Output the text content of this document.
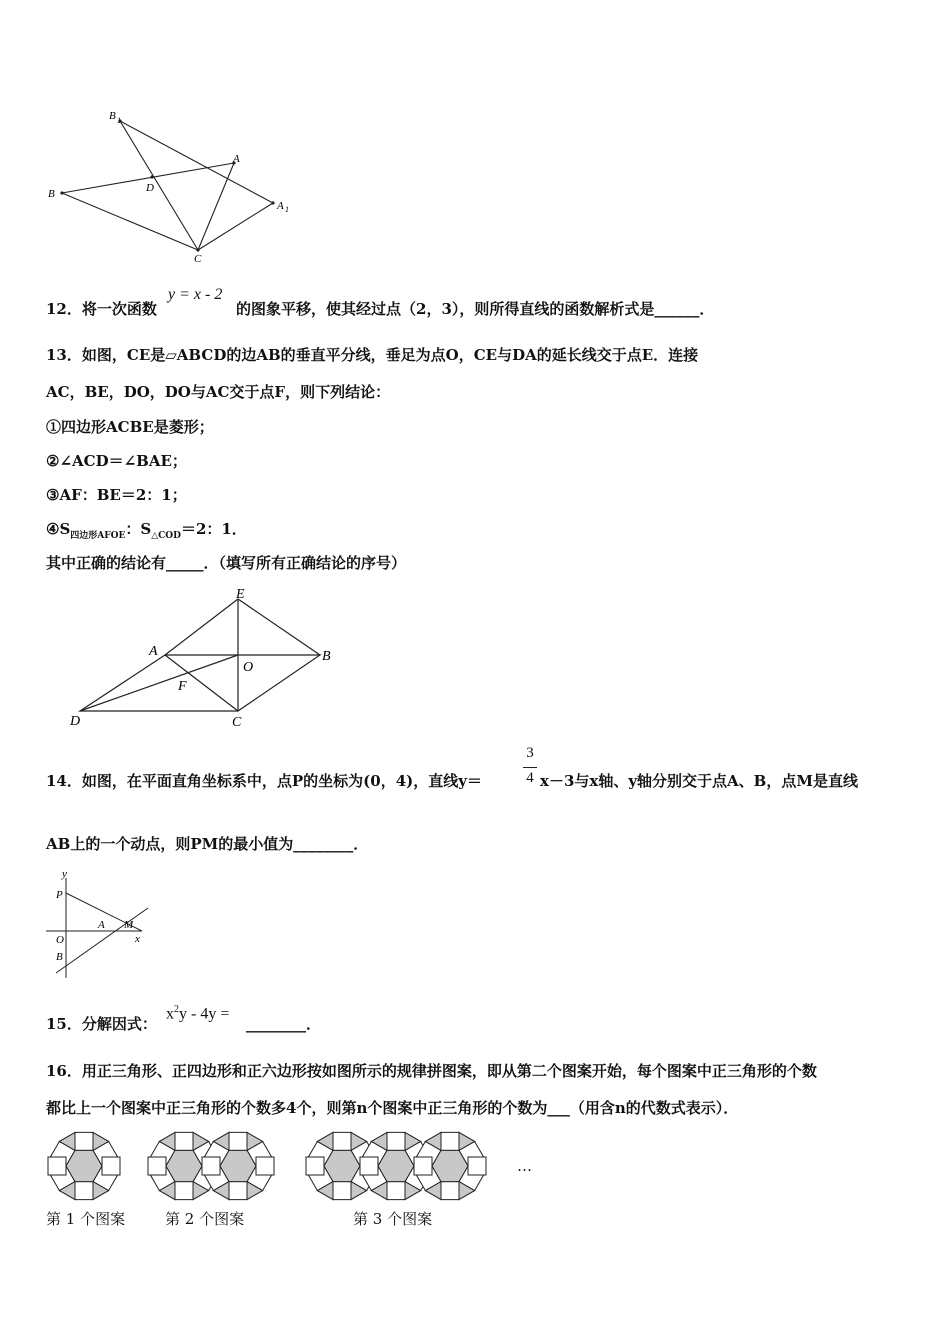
B 1
A
B	D
A 1
C
12．将一次函数
y = x - 2
的图象平移，使其经过点（2，3），则所得直线的函数解析式是______．
13．如图，CE是▱ABCD的边AB的垂直平分线，垂足为点O，CE与DA的延长线交于点E．连接
AC，BE，DO，DO与AC交于点F，则下列结论：
①四边形ACBE是菱形；
②∠ACD＝∠BAE；
③AF：BE＝2：1；
$④S_{四边形AFOE}$：$S_{\triangle COD}=2$：1．
其中正确的结论有_____．（填写所有正确结论的序号）
E
A
O
B
F
D	C
3
4
14．如图，在平面直角坐标系中，点P的坐标为(0，4)，直线y＝	x－3与x轴、y轴分别交于点A、B，点M是直线
AB上的一个动点，则PM的最小值为________．
y
P
A M
O	x
B
15．分解因式：
$x^2y - 4y$ =
________．
16．用正三角形、正四边形和正六边形按如图所示的规律拼图案，即从第二个图案开始，每个图案中正三角形的个数
都比上一个图案中正三角形的个数多4个，则第n个图案中正三角形的个数为___（用含n的代数式表示）．
…
第 1 个图案	第 2 个图案	第 3 个图案
